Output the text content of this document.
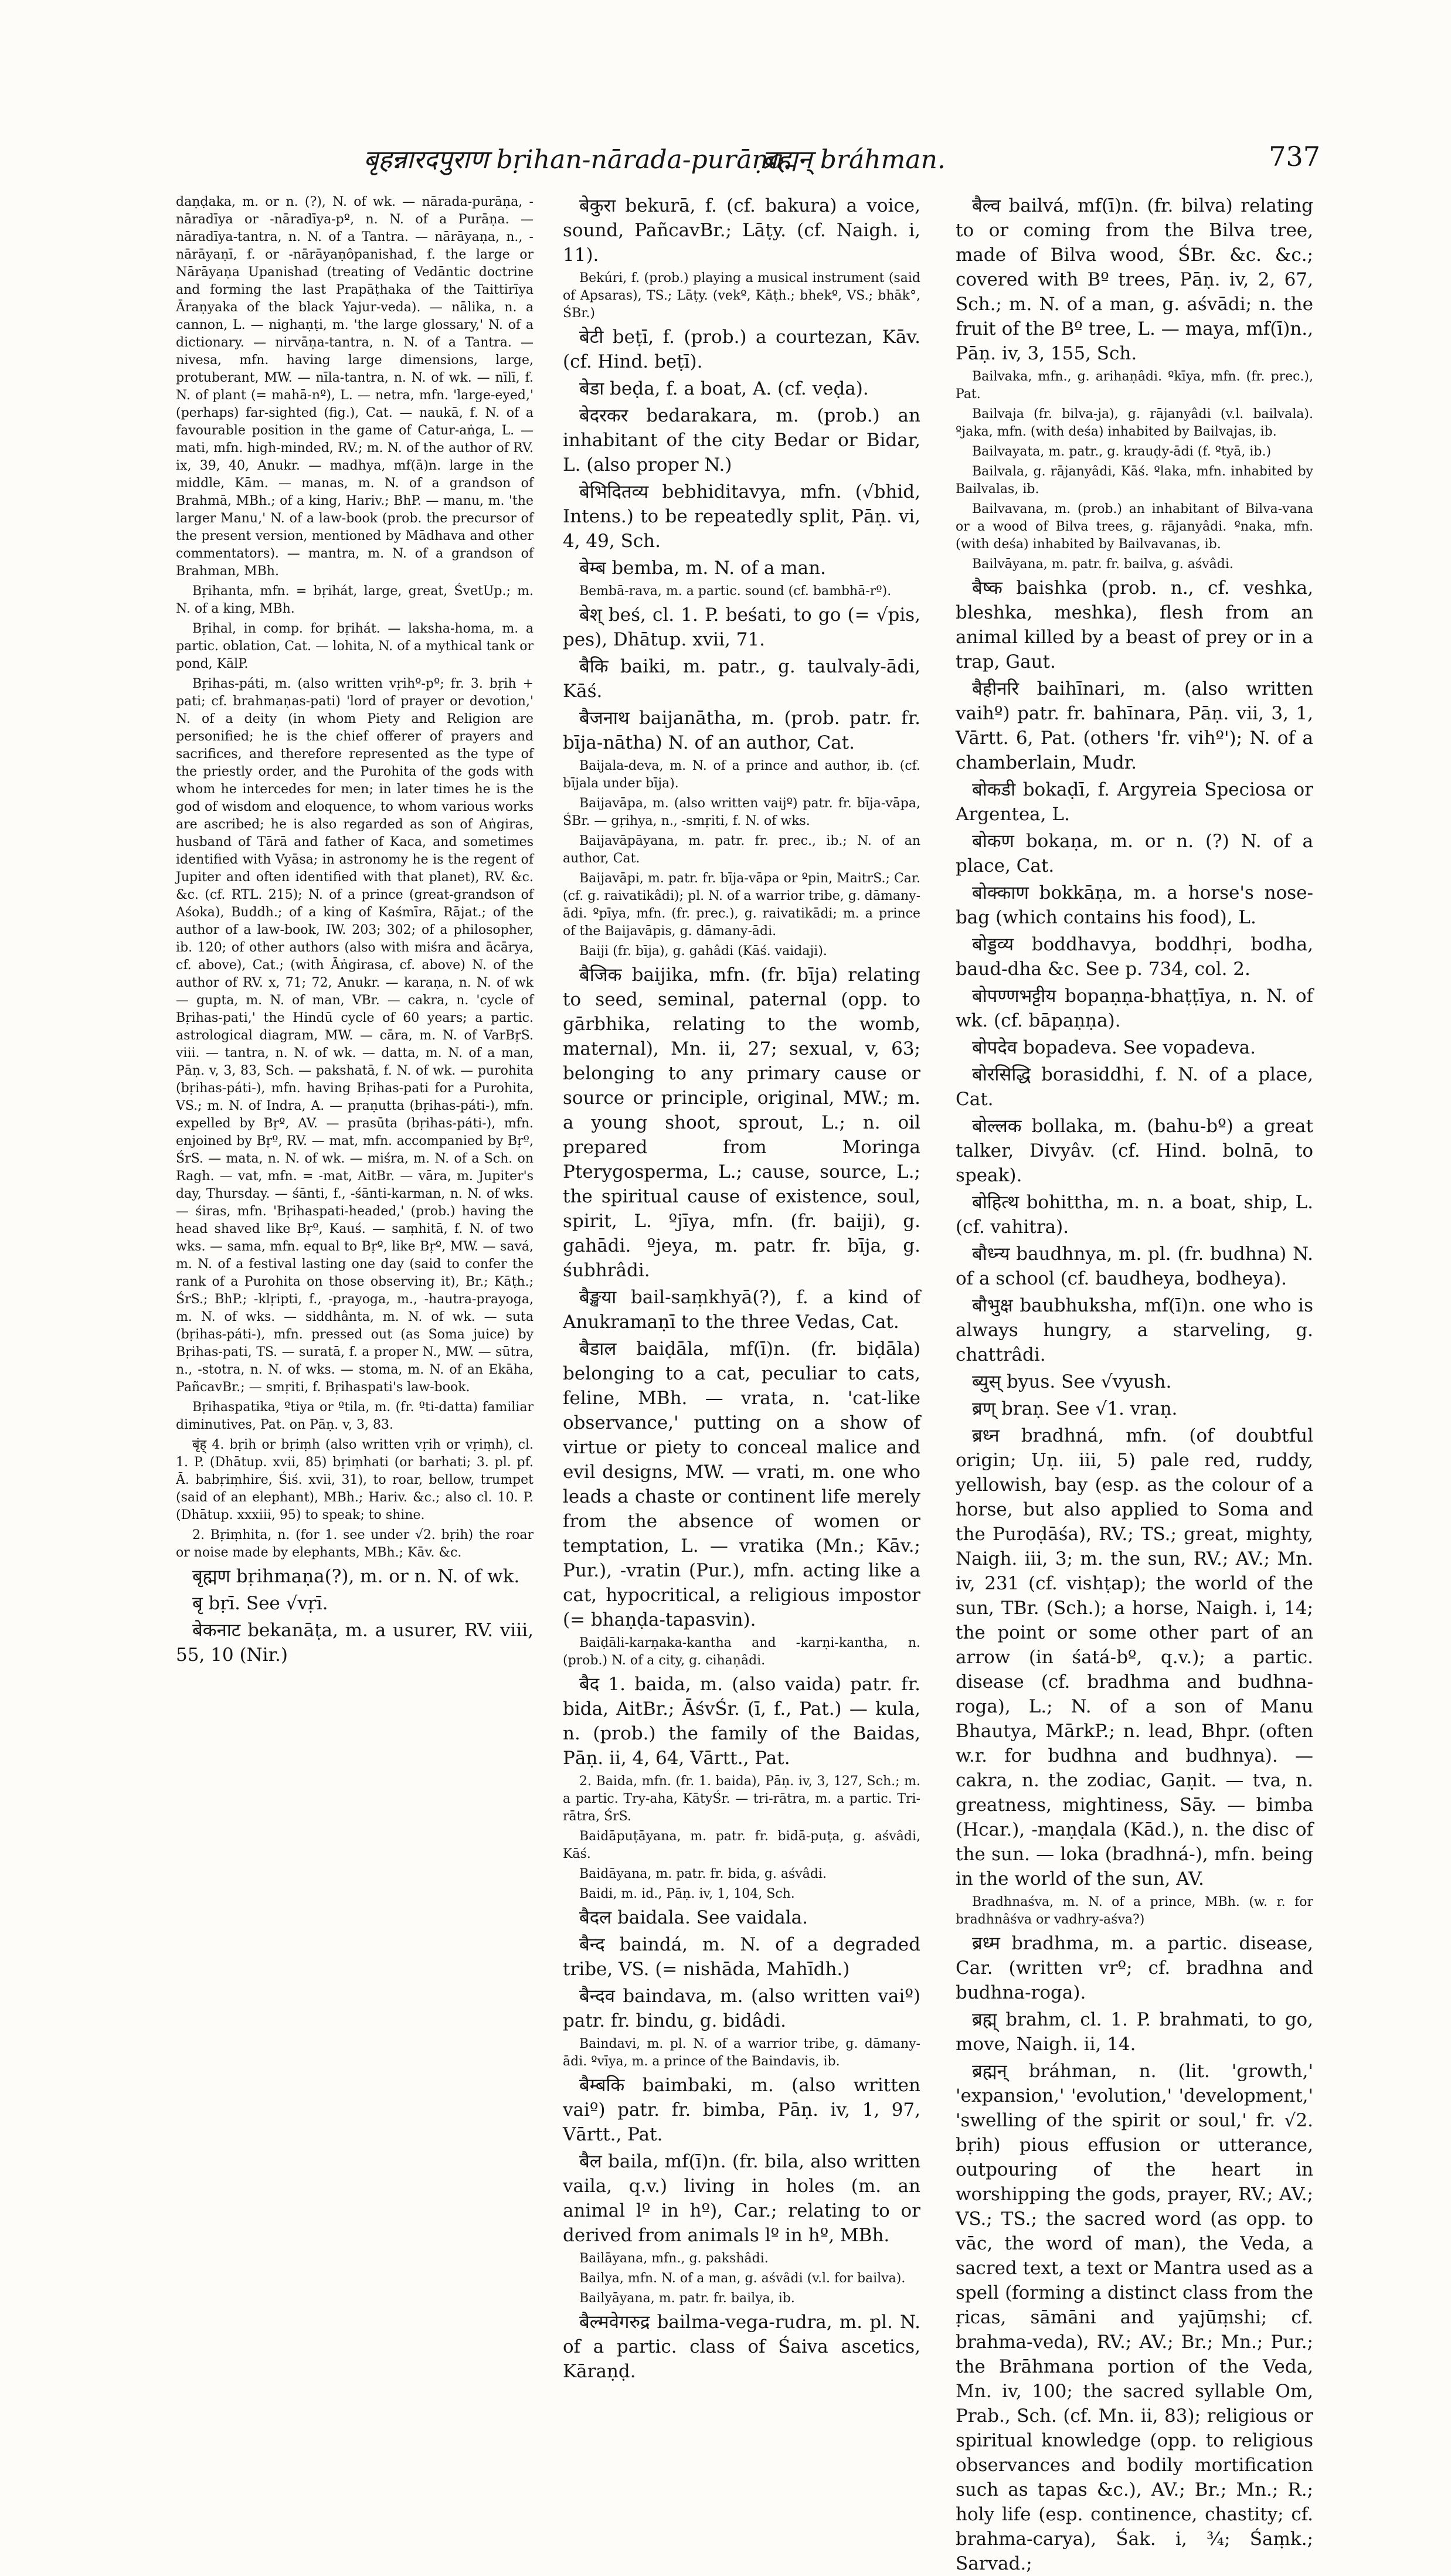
बृहन्नारदपुराण bṛihan-nārada-purāṇa.
ब्रह्मन् bráhman.	737

daṇḍaka, m. or n. (?), N. of wk. — nārada-purāṇa, -nāradīya or -nāradīya-pº, n. N. of a Purāṇa. — nāradīya-tantra, n. N. of a Tantra. — nārāyaṇa, n., -nārāyaṇī, f. or -nārāyaṇôpanishad, f. the large or Nārāyaṇa Upanishad (treating of Vedāntic doctrine and forming the last Prapāṭhaka of the Taittirīya Āraṇyaka of the black Yajur-veda). — nālika, n. a cannon, L. — nighaṇṭi, m. 'the large glossary,' N. of a dictionary. — nirvāṇa-tantra, n. N. of a Tantra. — nivesa, mfn. having large dimensions, large, protuberant, MW. — nīla-tantra, n. N. of wk. — nīlī, f. N. of plant (= mahā-nº), L. — netra, mfn. 'large-eyed,' (perhaps) far-sighted (fig.), Cat. — naukā, f. N. of a favourable position in the game of Catur-aṅga, L. — mati, mfn. high-minded, RV.; m. N. of the author of RV. ix, 39, 40, Anukr. — madhya, mf(ā)n. large in the middle, Kām. — manas, m. N. of a grandson of Brahmā, MBh.; of a king, Hariv.; BhP. — manu, m. 'the larger Manu,' N. of a law-book (prob. the precursor of the present version, mentioned by Mādhava and other commentators). — mantra, m. N. of a grandson of Brahman, MBh.

Bṛihanta, mfn. = bṛihát, large, great, ŚvetUp.; m. N. of a king, MBh.

Bṛihal, in comp. for bṛihát. — laksha-homa, m. a partic. oblation, Cat. — lohita, N. of a mythical tank or pond, KālP.

Bṛihas-páti, m. (also written vṛihº-pº; fr. 3. bṛih + pati; cf. brahmaṇas-pati) 'lord of prayer or devotion,' N. of a deity (in whom Piety and Religion are personified; he is the chief offerer of prayers and sacrifices, and therefore represented as the type of the priestly order, and the Purohita of the gods with whom he intercedes for men; in later times he is the god of wisdom and eloquence, to whom various works are ascribed; he is also regarded as son of Aṅgiras, husband of Tārā and father of Kaca, and sometimes identified with Vyāsa; in astronomy he is the regent of Jupiter and often identified with that planet), RV. &c. &c. (cf. RTL. 215); N. of a prince (great-grandson of Aśoka), Buddh.; of a king of Kaśmīra, Rājat.; of the author of a law-book, IW. 203; 302; of a philosopher, ib. 120; of other authors (also with miśra and ācārya, cf. above), Cat.; (with Āṅgirasa, cf. above) N. of the author of RV. x, 71; 72, Anukr. — karaṇa, n. N. of wk — gupta, m. N. of man, VBr. — cakra, n. 'cycle of Bṛihas-pati,' the Hindū cycle of 60 years; a partic. astrological diagram, MW. — cāra, m. N. of VarBṛS. viii. — tantra, n. N. of wk. — datta, m. N. of a man, Pāṇ. v, 3, 83, Sch. — pakshatā, f. N. of wk. — purohita (bṛihas-páti-), mfn. having Bṛihas-pati for a Purohita, VS.; m. N. of Indra, A. — praṇutta (bṛihas-páti-), mfn. expelled by Bṛº, AV. — prasūta (bṛihas-páti-), mfn. enjoined by Bṛº, RV. — mat, mfn. accompanied by Bṛº, ŚrS. — mata, n. N. of wk. — miśra, m. N. of a Sch. on Ragh. — vat, mfn. = -mat, AitBr. — vāra, m. Jupiter's day, Thursday. — śānti, f., -śānti-karman, n. N. of wks. — śiras, mfn. 'Bṛihaspati-headed,' (prob.) having the head shaved like Bṛº, Kauś. — saṃhitā, f. N. of two wks. — sama, mfn. equal to Bṛº, like Bṛº, MW. — savá, m. N. of a festival lasting one day (said to confer the rank of a Purohita on those observing it), Br.; Kāṭh.; ŚrS.; BhP.; -klṛipti, f., -prayoga, m., -hautra-prayoga, m. N. of wks. — siddhânta, m. N. of wk. — suta (bṛihas-páti-), mfn. pressed out (as Soma juice) by Bṛihas-pati, TS. — suratā, f. a proper N., MW. — sūtra, n., -stotra, n. N. of wks. — stoma, m. N. of an Ekāha, PañcavBr.; — smṛiti, f. Bṛihaspati's law-book.

Bṛihaspatika, ºtiya or ºtila, m. (fr. ºti-datta) familiar diminutives, Pat. on Pāṇ. v, 3, 83.

बृंह् 4. bṛih or bṛiṃh (also written vṛih or vṛiṃh), cl. 1. P. (Dhātup. xvii, 85) bṛiṃhati (or barhati; 3. pl. pf. Ā. babṛiṃhire, Śiś. xvii, 31), to roar, bellow, trumpet (said of an elephant), MBh.; Hariv. &c.; also cl. 10. P. (Dhātup. xxxiii, 95) to speak; to shine.

2. Bṛiṃhita, n. (for 1. see under √2. bṛih) the roar or noise made by elephants, MBh.; Kāv. &c.

बृह्मण bṛihmaṇa(?), m. or n. N. of wk.

बृ bṛī. See √vṛī.

बेकनाट bekanāṭa, m. a usurer, RV. viii, 55, 10 (Nir.)

बेकुरा bekurā, f. (cf. bakura) a voice, sound, PañcavBr.; Lāṭy. (cf. Naigh. i, 11).

Bekúri, f. (prob.) playing a musical instrument (said of Apsaras), TS.; Lāṭy. (vekº, Kāṭh.; bhekº, VS.; bhāk°, ŚBr.)

बेटी beṭī, f. (prob.) a courtezan, Kāv. (cf. Hind. beṭī).

बेडा beḍa, f. a boat, A. (cf. veḍa).

बेदरकर bedarakara, m. (prob.) an inhabitant of the city Bedar or Bidar, L. (also proper N.)

बेभिदितव्य bebhiditavya, mfn. (√bhid, Intens.) to be repeatedly split, Pāṇ. vi, 4, 49, Sch.

बेम्ब bemba, m. N. of a man.

Bembā-rava, m. a partic. sound (cf. bambhā-rº).

बेश् beś, cl. 1. P. beśati, to go (= √pis, pes), Dhātup. xvii, 71.

बैकि baiki, m. patr., g. taulvaly-ādi, Kāś.

बैजनाथ baijanātha, m. (prob. patr. fr. bīja-nātha) N. of an author, Cat.

Baijala-deva, m. N. of a prince and author, ib. (cf. bījala under bīja).

Baijavāpa, m. (also written vaijº) patr. fr. bīja-vāpa, ŚBr. — gṛihya, n., -smṛiti, f. N. of wks.

Baijavāpāyana, m. patr. fr. prec., ib.; N. of an author, Cat.

Baijavāpi, m. patr. fr. bīja-vāpa or ºpin, MaitrS.; Car. (cf. g. raivatikâdi); pl. N. of a warrior tribe, g. dāmany-ādi. ºpīya, mfn. (fr. prec.), g. raivatikādi; m. a prince of the Baijavāpis, g. dāmany-ādi.

Baiji (fr. bīja), g. gahâdi (Kāś. vaidaji).

बैजिक baijika, mfn. (fr. bīja) relating to seed, seminal, paternal (opp. to gārbhika, relating to the womb, maternal), Mn. ii, 27; sexual, v, 63; belonging to any primary cause or source or principle, original, MW.; m. a young shoot, sprout, L.; n. oil prepared from Moringa Pterygosperma, L.; cause, source, L.; the spiritual cause of existence, soul, spirit, L. ºjīya, mfn. (fr. baiji), g. gahādi. ºjeya, m. patr. fr. bīja, g. śubhrâdi.

बैङ्खया bail-saṃkhyā(?), f. a kind of Anukramaṇī to the three Vedas, Cat.

बैडाल baiḍāla, mf(ī)n. (fr. biḍāla) belonging to a cat, peculiar to cats, feline, MBh. — vrata, n. 'cat-like observance,' putting on a show of virtue or piety to conceal malice and evil designs, MW. — vrati, m. one who leads a chaste or continent life merely from the absence of women or temptation, L. — vratika (Mn.; Kāv.; Pur.), -vratin (Pur.), mfn. acting like a cat, hypocritical, a religious impostor (= bhaṇḍa-tapasvin).

Baiḍāli-karṇaka-kantha and -karṇi-kantha, n. (prob.) N. of a city, g. cihaṇâdi.

बैद 1. baida, m. (also vaida) patr. fr. bida, AitBr.; ĀśvŚr. (ī, f., Pat.) — kula, n. (prob.) the family of the Baidas, Pāṇ. ii, 4, 64, Vārtt., Pat.

2. Baida, mfn. (fr. 1. baida), Pāṇ. iv, 3, 127, Sch.; m. a partic. Try-aha, KātyŚr. — tri-rātra, m. a partic. Tri-rātra, ŚrS.

Baidāpuṭāyana, m. patr. fr. bidā-puṭa, g. aśvâdi, Kāś.

Baidāyana, m. patr. fr. bida, g. aśvâdi.

Baidi, m. id., Pāṇ. iv, 1, 104, Sch.

बैदल baidala. See vaidala.

बैन्द baindá, m. N. of a degraded tribe, VS. (= nishāda, Mahīdh.)

बैन्दव baindava, m. (also written vaiº) patr. fr. bindu, g. bidâdi.

Baindavi, m. pl. N. of a warrior tribe, g. dāmany-ādi. ºvīya, m. a prince of the Baindavis, ib.

बैम्बकि baimbaki, m. (also written vaiº) patr. fr. bimba, Pāṇ. iv, 1, 97, Vārtt., Pat.

बैल baila, mf(ī)n. (fr. bila, also written vaila, q.v.) living in holes (m. an animal lº in hº), Car.; relating to or derived from animals lº in hº, MBh.

Bailāyana, mfn., g. pakshâdi.

Bailya, mfn. N. of a man, g. aśvâdi (v.l. for bailva).

Bailyāyana, m. patr. fr. bailya, ib.

बैल्मवेगरुद्र bailma-vega-rudra, m. pl. N. of a partic. class of Śaiva ascetics, Kāraṇḍ.

बैल्व bailvá, mf(ī)n. (fr. bilva) relating to or coming from the Bilva tree, made of Bilva wood, ŚBr. &c. &c.; covered with Bº trees, Pāṇ. iv, 2, 67, Sch.; m. N. of a man, g. aśvādi; n. the fruit of the Bº tree, L. — maya, mf(ī)n., Pāṇ. iv, 3, 155, Sch.

Bailvaka, mfn., g. arihaṇâdi. ºkīya, mfn. (fr. prec.), Pat.

Bailvaja (fr. bilva-ja), g. rājanyâdi (v.l. bailvala). ºjaka, mfn. (with deśa) inhabited by Bailvajas, ib.

Bailvayata, m. patr., g. krauḍy-ādi (f. ºtyā, ib.)

Bailvala, g. rājanyâdi, Kāś. ºlaka, mfn. inhabited by Bailvalas, ib.

Bailvavana, m. (prob.) an inhabitant of Bilva-vana or a wood of Bilva trees, g. rājanyâdi. ºnaka, mfn. (with deśa) inhabited by Bailvavanas, ib.

Bailvāyana, m. patr. fr. bailva, g. aśvâdi.

बैष्क baishka (prob. n., cf. veshka, bleshka, meshka), flesh from an animal killed by a beast of prey or in a trap, Gaut.

बैहीनरि baihīnari, m. (also written vaihº) patr. fr. bahīnara, Pāṇ. vii, 3, 1, Vārtt. 6, Pat. (others 'fr. vihº'); N. of a chamberlain, Mudr.

बोकडी bokaḍī, f. Argyreia Speciosa or Argentea, L.

बोकण bokaṇa, m. or n. (?) N. of a place, Cat.

बोक्काण bokkāṇa, m. a horse's nose-bag (which contains his food), L.

बोड्डव्य boddhavya, boddhṛi, bodha, baud-dha &c. See p. 734, col. 2.

बोपण्णभट्टीय bopaṇṇa-bhaṭṭīya, n. N. of wk. (cf. bāpaṇṇa).

बोपदेव bopadeva. See vopadeva.

बोरसिद्धि borasiddhi, f. N. of a place, Cat.

बोल्लक bollaka, m. (bahu-bº) a great talker, Divyâv. (cf. Hind. bolnā, to speak).

बोहित्थ bohittha, m. n. a boat, ship, L. (cf. vahitra).

बौध्न्य baudhnya, m. pl. (fr. budhna) N. of a school (cf. baudheya, bodheya).

बौभुक्ष baubhuksha, mf(ī)n. one who is always hungry, a starveling, g. chattrâdi.

ब्युस् byus. See √vyush.

ब्रण् braṇ. See √1. vraṇ.

ब्रध्न bradhná, mfn. (of doubtful origin; Uṇ. iii, 5) pale red, ruddy, yellowish, bay (esp. as the colour of a horse, but also applied to Soma and the Puroḍāśa), RV.; TS.; great, mighty, Naigh. iii, 3; m. the sun, RV.; AV.; Mn. iv, 231 (cf. vishṭap); the world of the sun, TBr. (Sch.); a horse, Naigh. i, 14; the point or some other part of an arrow (in śatá-bº, q.v.); a partic. disease (cf. bradhma and budhna-roga), L.; N. of a son of Manu Bhautya, MārkP.; n. lead, Bhpr. (often w.r. for budhna and budhnya). — cakra, n. the zodiac, Gaṇit. — tva, n. greatness, mightiness, Sāy. — bimba (Hcar.), -maṇḍala (Kād.), n. the disc of the sun. — loka (bradhná-), mfn. being in the world of the sun, AV.

Bradhnaśva, m. N. of a prince, MBh. (w. r. for bradhnâśva or vadhry-aśva?)

ब्रध्म bradhma, m. a partic. disease, Car. (written vrº; cf. bradhna and budhna-roga).

ब्रह्म् brahm, cl. 1. P. brahmati, to go, move, Naigh. ii, 14.

ब्रह्मन् bráhman, n. (lit. 'growth,' 'expansion,' 'evolution,' 'development,' 'swelling of the spirit or soul,' fr. √2. bṛih) pious effusion or utterance, outpouring of the heart in worshipping the gods, prayer, RV.; AV.; VS.; TS.; the sacred word (as opp. to vāc, the word of man), the Veda, a sacred text, a text or Mantra used as a spell (forming a distinct class from the ṛicas, sāmāni and yajūṃshi; cf. brahma-veda), RV.; AV.; Br.; Mn.; Pur.; the Brāhmana portion of the Veda, Mn. iv, 100; the sacred syllable Om, Prab., Sch. (cf. Mn. ii, 83); religious or spiritual knowledge (opp. to religious observances and bodily mortification such as tapas &c.), AV.; Br.; Mn.; R.; holy life (esp. continence, chastity; cf. brahma-carya), Śak. i, ¾; Śaṃk.; Sarvad.;
